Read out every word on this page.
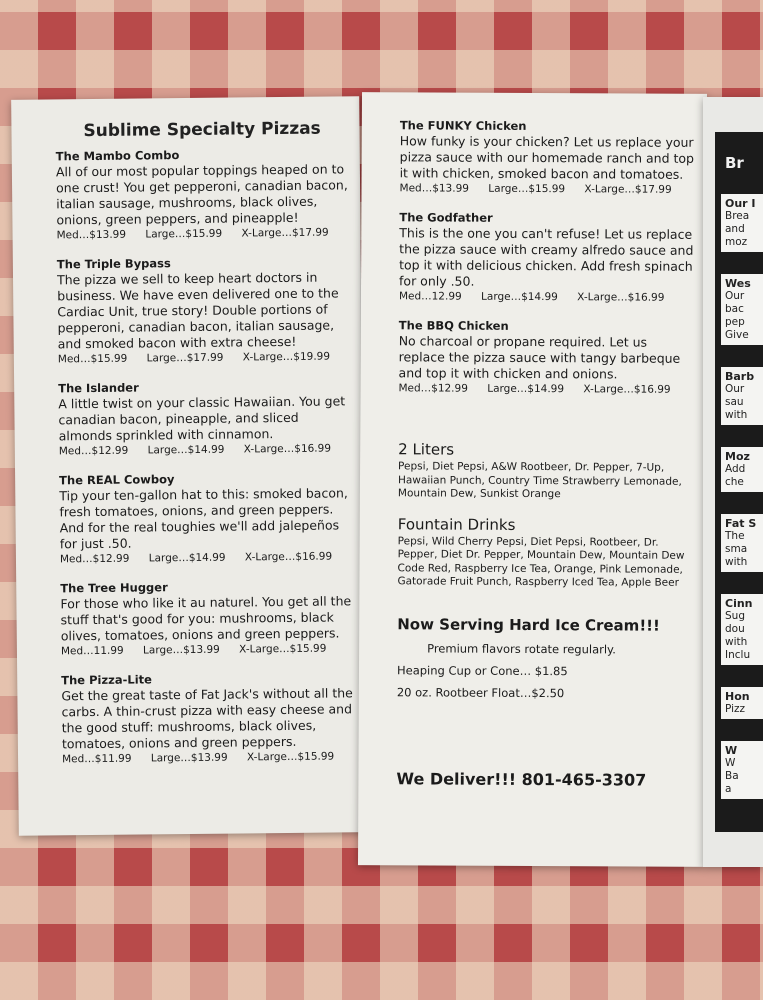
Sublime Specialty Pizzas
The Mambo Combo

All of our most popular toppings heaped on to one crust! You get pepperoni, canadian bacon, italian sausage, mushrooms, black olives, onions, green peppers, and pineapple!

Med…$13.99 Large…$15.99 X-Large…$17.99
The Triple Bypass

The pizza we sell to keep heart doctors in business. We have even delivered one to the Cardiac Unit, true story! Double portions of pepperoni, canadian bacon, italian sausage, and smoked bacon with extra cheese!

Med…$15.99 Large…$17.99 X-Large…$19.99
The Islander

A little twist on your classic Hawaiian. You get canadian bacon, pineapple, and sliced almonds sprinkled with cinnamon.

Med…$12.99 Large…$14.99 X-Large…$16.99
The REAL Cowboy

Tip your ten-gallon hat to this: smoked bacon, fresh tomatoes, onions, and green peppers. And for the real toughies we'll add jalepeños for just .50.

Med…$12.99 Large…$14.99 X-Large…$16.99
The Tree Hugger

For those who like it au naturel. You get all the stuff that's good for you: mushrooms, black olives, tomatoes, onions and green peppers.

Med…11.99 Large…$13.99 X-Large…$15.99
The Pizza-Lite

Get the great taste of Fat Jack's without all the carbs. A thin-crust pizza with easy cheese and the good stuff: mushrooms, black olives, tomatoes, onions and green peppers.

Med…$11.99 Large…$13.99 X-Large…$15.99
The FUNKY Chicken

How funky is your chicken? Let us replace your pizza sauce with our homemade ranch and top it with chicken, smoked bacon and tomatoes.

Med…$13.99 Large…$15.99 X-Large…$17.99
The Godfather

This is the one you can't refuse! Let us replace the pizza sauce with creamy alfredo sauce and top it with delicious chicken. Add fresh spinach for only .50.

Med…12.99 Large…$14.99 X-Large…$16.99
The BBQ Chicken

No charcoal or propane required. Let us replace the pizza sauce with tangy barbeque and top it with chicken and onions.

Med…$12.99 Large…$14.99 X-Large…$16.99
2 Liters

Pepsi, Diet Pepsi, A&W Rootbeer, Dr. Pepper, 7-Up, Hawaiian Punch, Country Time Strawberry Lemonade, Mountain Dew, Sunkist Orange

Fountain Drinks

Pepsi, Wild Cherry Pepsi, Diet Pepsi, Rootbeer, Dr. Pepper, Diet Dr. Pepper, Mountain Dew, Mountain Dew Code Red, Raspberry Ice Tea, Orange, Pink Lemonade, Gatorade Fruit Punch, Raspberry Iced Tea, Apple Beer

Now Serving Hard Ice Cream!!!
Premium flavors rotate regularly.
Heaping Cup or Cone… $1.85
20 oz. Rootbeer Float…$2.50
We Deliver!!! 801-465-3307
Br
Our I
Brea
and
moz
Wes
Our
bac
pep
Give
Barb
Our
sau
with
Moz
Add
che
Fat S
The
sma
with
Cinn
Sug
dou
with
Inclu
Hon
Pizz
W
W
Ba
a
